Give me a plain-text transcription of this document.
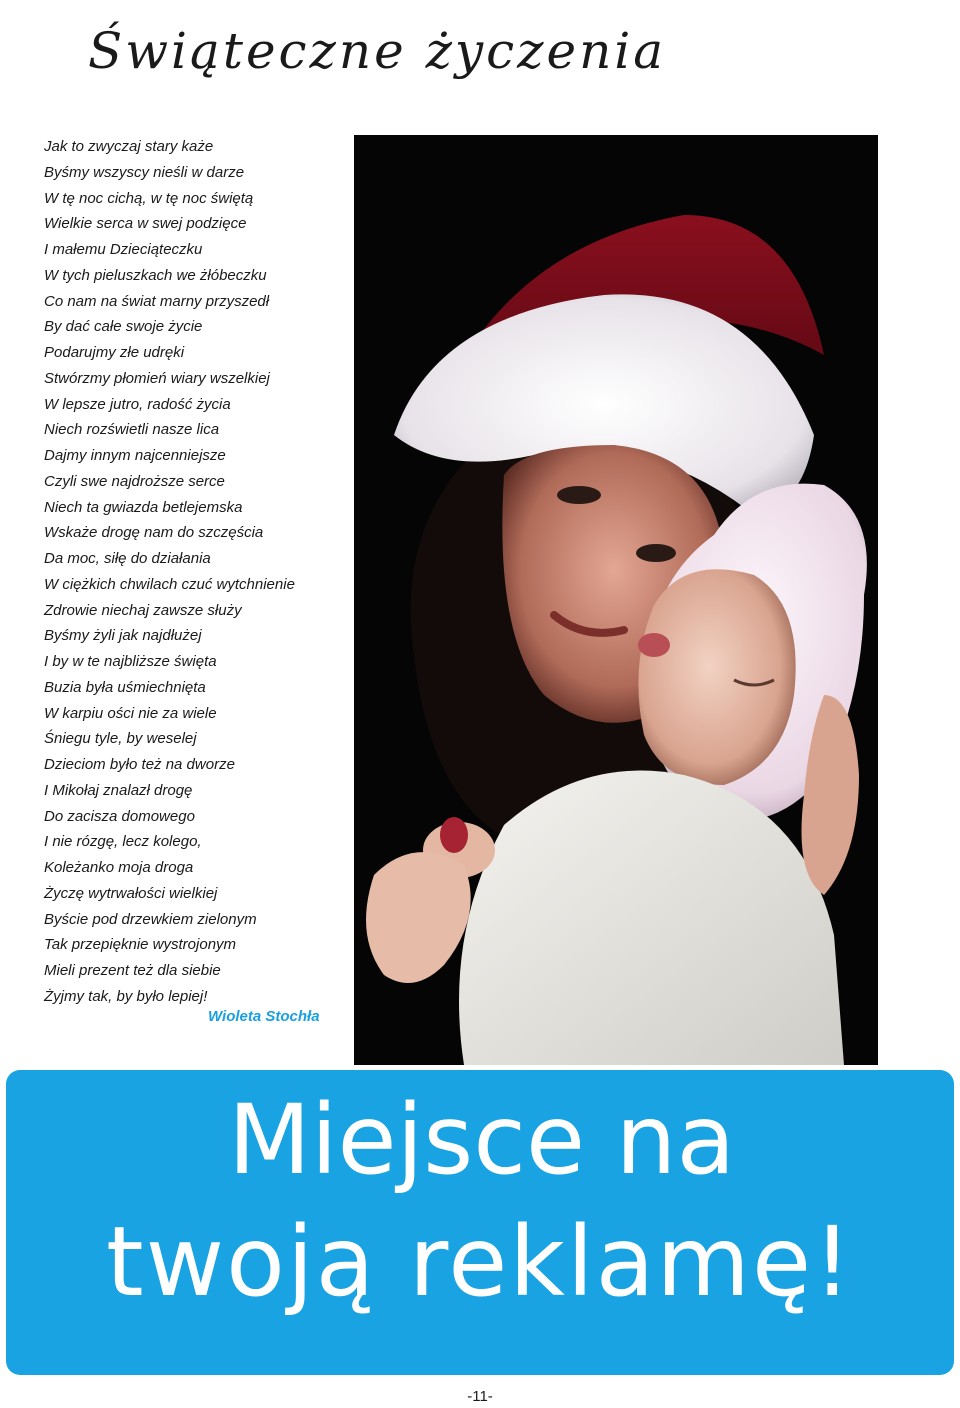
Świąteczne życzenia
Jak to zwyczaj stary każe
Byśmy wszyscy nieśli w darze
W tę noc cichą, w tę noc świętą
Wielkie serca w swej podzięce
I małemu Dzieciąteczku
W tych pieluszkach we żłóbeczku
Co nam na świat marny przyszedł
By dać całe swoje życie
Podarujmy złe udręki
Stwórzmy płomień wiary wszelkiej
W lepsze jutro, radość życia
Niech rozświetli nasze lica
Dajmy innym najcenniejsze
Czyli swe najdroższe serce
Niech ta gwiazda betlejemska
Wskaże drogę nam do szczęścia
Da moc, siłę do działania
W ciężkich chwilach czuć wytchnienie
Zdrowie niechaj zawsze służy
Byśmy żyli jak najdłużej
I by w te najbliższe święta
Buzia była uśmiechnięta
W karpiu ości nie za wiele
Śniegu tyle, by weselej
Dzieciom było też na dworze
I Mikołaj znalazł drogę
Do zacisza domowego
I nie rózgę, lecz kolego,
Koleżanko moja droga
Życzę wytrwałości wielkiej
Byście pod drzewkiem zielonym
Tak przepięknie wystrojonym
Mieli prezent też dla siebie
Żyjmy tak, by było lepiej!
Wioleta Stochła
Miejsce na
twoją reklamę!
-11-
